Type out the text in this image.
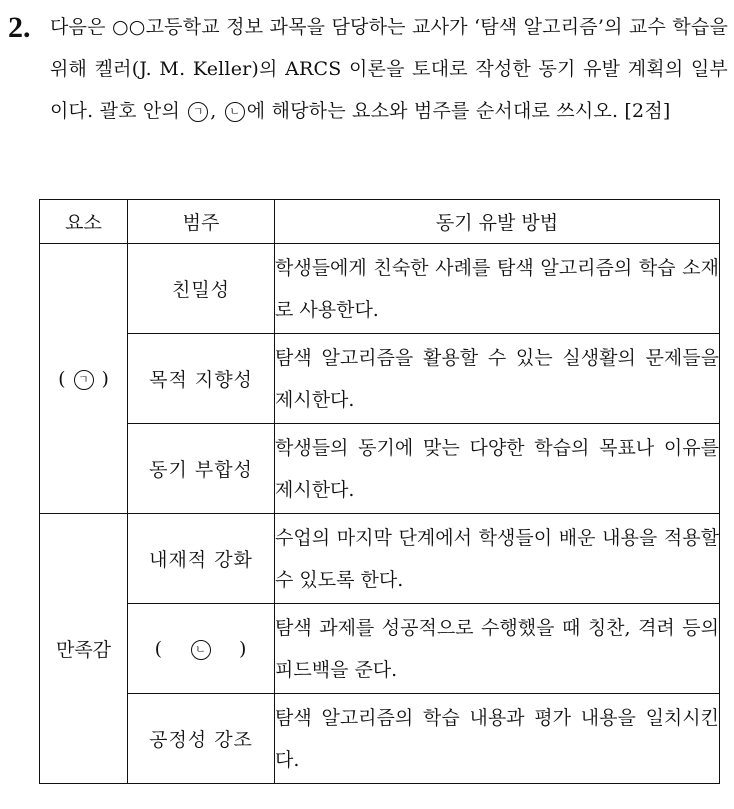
2. 다음은 ○○고등학교 정보 과목을 담당하는 교사가 ‘탐색 알고리즘’의 교수 학습을 위해 켈러(J. M. Keller)의 ARCS 이론을 토대로 작성한 동기 유발 계획의 일부이다. 괄호 안의 ㄱ , ㄴ 에 해당하는 요소와 범주를 순서대로 쓰시오. [2점]
요소	범주	동기 유발 방법
( ㄱ )	친밀성	학생들에게 친숙한 사례를 탐색 알고리즘의 학습 소재로 사용한다.
	목적 지향성	탐색 알고리즘을 활용할 수 있는 실생활의 문제들을 제시한다.
	동기 부합성	학생들의 동기에 맞는 다양한 학습의 목표나 이유를 제시한다.
만족감	내재적 강화	수업의 마지막 단계에서 학생들이 배운 내용을 적용할 수 있도록 한다.
	( ㄴ )	탐색 과제를 성공적으로 수행했을 때 칭찬, 격려 등의 피드백을 준다.
	공정성 강조	탐색 알고리즘의 학습 내용과 평가 내용을 일치시킨다.
